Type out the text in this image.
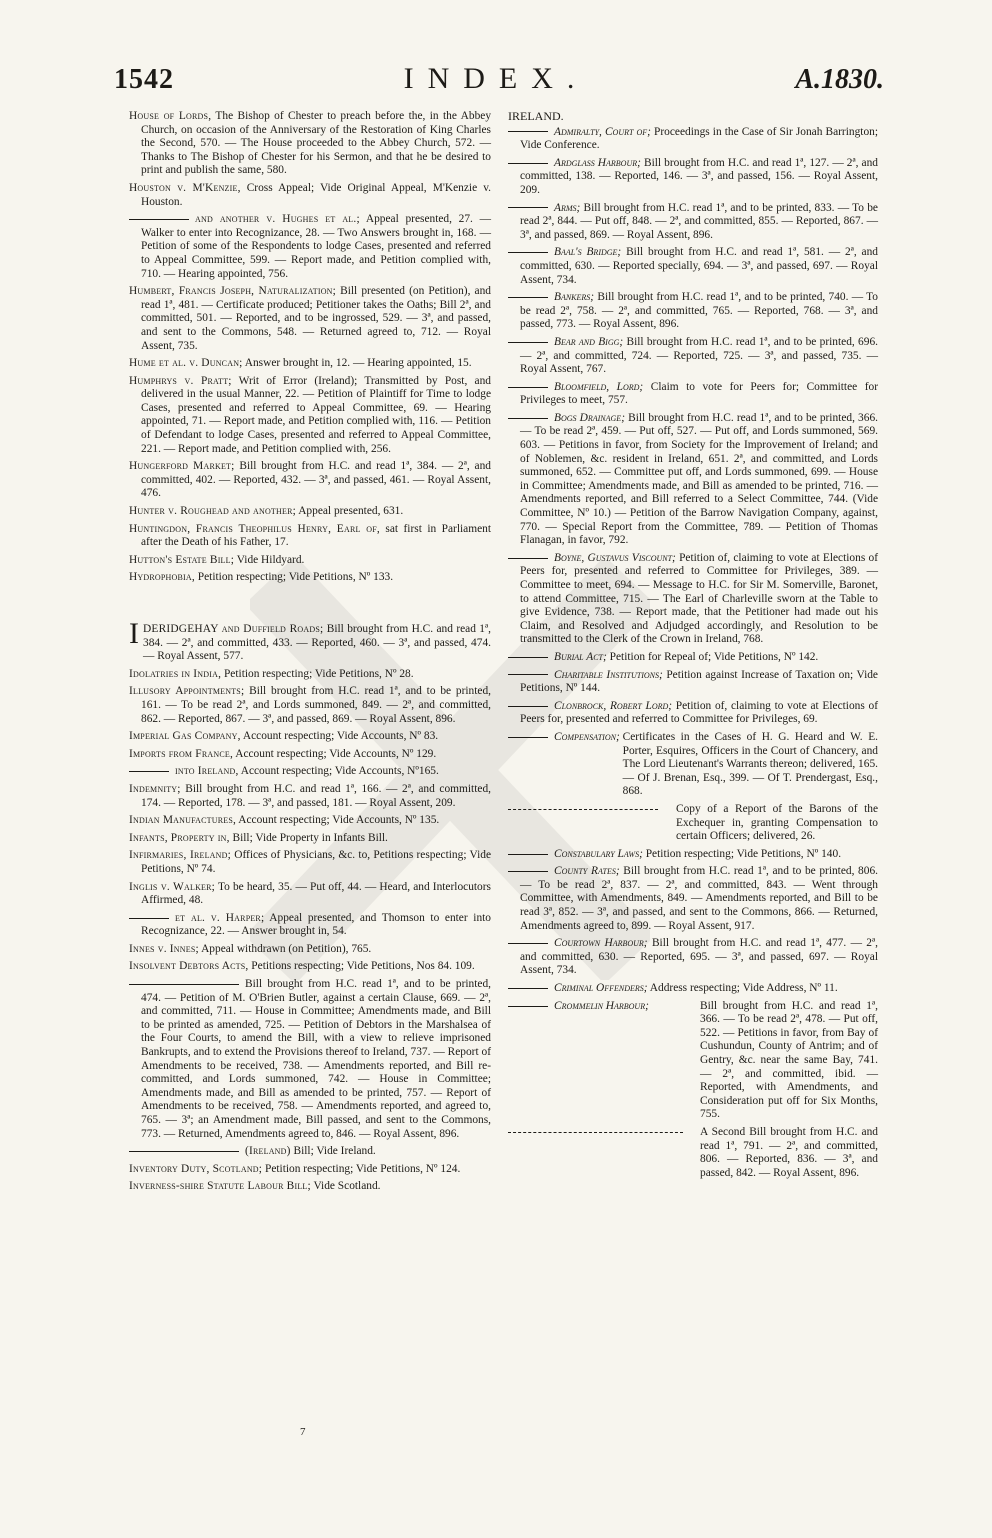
1542	INDEX.	A.1830.

House of Lords, The Bishop of Chester to preach before the, in the Abbey Church, on occasion of the Anniversary of the Restoration of King Charles the Second, 570. — The House proceeded to the Abbey Church, 572. — Thanks to The Bishop of Chester for his Sermon, and that he be desired to print and publish the same, 580.

Houston v. M'Kenzie, Cross Appeal; Vide Original Appeal, M'Kenzie v. Houston.

and another v. Hughes et al.; Appeal presented, 27. — Walker to enter into Recognizance, 28. — Two Answers brought in, 168. — Petition of some of the Respondents to lodge Cases, presented and referred to Appeal Committee, 599. — Report made, and Petition complied with, 710. — Hearing appointed, 756.

Humbert, Francis Joseph, Naturalization; Bill presented (on Petition), and read 1ª, 481. — Certificate produced; Petitioner takes the Oaths; Bill 2ª, and committed, 501. — Reported, and to be ingrossed, 529. — 3ª, and passed, and sent to the Commons, 548. — Returned agreed to, 712. — Royal Assent, 735.

Hume et al. v. Duncan; Answer brought in, 12. — Hearing appointed, 15.

Humphrys v. Pratt; Writ of Error (Ireland); Transmitted by Post, and delivered in the usual Manner, 22. — Petition of Plaintiff for Time to lodge Cases, presented and referred to Appeal Committee, 69. — Hearing appointed, 71. — Report made, and Petition complied with, 116. — Petition of Defendant to lodge Cases, presented and referred to Appeal Committee, 221. — Report made, and Petition complied with, 256.

Hungerford Market; Bill brought from H.C. and read 1ª, 384. — 2ª, and committed, 402. — Reported, 432. — 3ª, and passed, 461. — Royal Assent, 476.

Hunter v. Roughead and another; Appeal presented, 631.

Huntingdon, Francis Theophilus Henry, Earl of, sat first in Parliament after the Death of his Father, 17.

Hutton's Estate Bill; Vide Hildyard.

Hydrophobia, Petition respecting; Vide Petitions, Nº 133.

I DERIDGEHAY and Duffield Roads; Bill brought from H.C. and read 1ª, 384. — 2ª, and committed, 433. — Reported, 460. — 3ª, and passed, 474. — Royal Assent, 577.

Idolatries in India, Petition respecting; Vide Petitions, Nº 28.

Illusory Appointments; Bill brought from H.C. read 1ª, and to be printed, 161. — To be read 2ª, and Lords summoned, 849. — 2ª, and committed, 862. — Reported, 867. — 3ª, and passed, 869. — Royal Assent, 896.

Imperial Gas Company, Account respecting; Vide Accounts, Nº 83.

Imports from France, Account respecting; Vide Accounts, Nº 129.

into Ireland, Account respecting; Vide Accounts, Nº165.

Indemnity; Bill brought from H.C. and read 1ª, 166. — 2ª, and committed, 174. — Reported, 178. — 3ª, and passed, 181. — Royal Assent, 209.

Indian Manufactures, Account respecting; Vide Accounts, Nº 135.

Infants, Property in, Bill; Vide Property in Infants Bill.

Infirmaries, Ireland; Offices of Physicians, &c. to, Petitions respecting; Vide Petitions, Nº 74.

Inglis v. Walker; To be heard, 35. — Put off, 44. — Heard, and Interlocutors Affirmed, 48.

et al. v. Harper; Appeal presented, and Thomson to enter into Recognizance, 22. — Answer brought in, 54.

Innes v. Innes; Appeal withdrawn (on Petition), 765.

Insolvent Debtors Acts, Petitions respecting; Vide Petitions, Nos 84. 109.

Bill brought from H.C. read 1ª, and to be printed, 474. — Petition of M. O'Brien Butler, against a certain Clause, 669. — 2ª, and committed, 711. — House in Committee; Amendments made, and Bill to be printed as amended, 725. — Petition of Debtors in the Marshalsea of the Four Courts, to amend the Bill, with a view to relieve imprisoned Bankrupts, and to extend the Provisions thereof to Ireland, 737. — Report of Amendments to be received, 738. — Amendments reported, and Bill re-committed, and Lords summoned, 742. — House in Committee; Amendments made, and Bill as amended to be printed, 757. — Report of Amendments to be received, 758. — Amendments reported, and agreed to, 765. — 3ª; an Amendment made, Bill passed, and sent to the Commons, 773. — Returned, Amendments agreed to, 846. — Royal Assent, 896.

(Ireland) Bill; Vide Ireland.

Inventory Duty, Scotland; Petition respecting; Vide Petitions, Nº 124.

Inverness-shire Statute Labour Bill; Vide Scotland.

IRELAND.

Admiralty, Court of; Proceedings in the Case of Sir Jonah Barrington; Vide Conference.

Ardglass Harbour; Bill brought from H.C. and read 1ª, 127. — 2ª, and committed, 138. — Reported, 146. — 3ª, and passed, 156. — Royal Assent, 209.

Arms; Bill brought from H.C. read 1ª, and to be printed, 833. — To be read 2ª, 844. — Put off, 848. — 2ª, and committed, 855. — Reported, 867. — 3ª, and passed, 869. — Royal Assent, 896.

Baal's Bridge; Bill brought from H.C. and read 1ª, 581. — 2ª, and committed, 630. — Reported specially, 694. — 3ª, and passed, 697. — Royal Assent, 734.

Bankers; Bill brought from H.C. read 1ª, and to be printed, 740. — To be read 2ª, 758. — 2ª, and committed, 765. — Reported, 768. — 3ª, and passed, 773. — Royal Assent, 896.

Bear and Bigg; Bill brought from H.C. read 1ª, and to be printed, 696. — 2ª, and committed, 724. — Reported, 725. — 3ª, and passed, 735. — Royal Assent, 767.

Bloomfield, Lord; Claim to vote for Peers for; Committee for Privileges to meet, 757.

Bogs Drainage; Bill brought from H.C. read 1ª, and to be printed, 366. — To be read 2ª, 459. — Put off, 527. — Put off, and Lords summoned, 569. 603. — Petitions in favor, from Society for the Improvement of Ireland; and of Noblemen, &c. resident in Ireland, 651. 2ª, and committed, and Lords summoned, 652. — Committee put off, and Lords summoned, 699. — House in Committee; Amendments made, and Bill as amended to be printed, 716. — Amendments reported, and Bill referred to a Select Committee, 744. (Vide Committee, Nº 10.) — Petition of the Barrow Navigation Company, against, 770. — Special Report from the Committee, 789. — Petition of Thomas Flanagan, in favor, 792.

Boyne, Gustavus Viscount; Petition of, claiming to vote at Elections of Peers for, presented and referred to Committee for Privileges, 389. — Committee to meet, 694. — Message to H.C. for Sir M. Somerville, Baronet, to attend Committee, 715. — The Earl of Charleville sworn at the Table to give Evidence, 738. — Report made, that the Petitioner had made out his Claim, and Resolved and Adjudged accordingly, and Resolution to be transmitted to the Clerk of the Crown in Ireland, 768.

Burial Act; Petition for Repeal of; Vide Petitions, Nº 142.

Charitable Institutions; Petition against Increase of Taxation on; Vide Petitions, Nº 144.

Clonbrock, Robert Lord; Petition of, claiming to vote at Elections of Peers for, presented and referred to Committee for Privileges, 69.

Compensation; Certificates in the Cases of H. G. Heard and W. E. Porter, Esquires, Officers in the Court of Chancery, and The Lord Lieutenant's Warrants thereon; delivered, 165. — Of J. Brenan, Esq., 399. — Of T. Prendergast, Esq., 868.
Copy of a Report of the Barons of the Exchequer in, granting Compensation to certain Officers; delivered, 26.

Constabulary Laws; Petition respecting; Vide Petitions, Nº 140.

County Rates; Bill brought from H.C. read 1ª, and to be printed, 806. — To be read 2ª, 837. — 2ª, and committed, 843. — Went through Committee, with Amendments, 849. — Amendments reported, and Bill to be read 3ª, 852. — 3ª, and passed, and sent to the Commons, 866. — Returned, Amendments agreed to, 899. — Royal Assent, 917.

Courtown Harbour; Bill brought from H.C. and read 1ª, 477. — 2ª, and committed, 630. — Reported, 695. — 3ª, and passed, 697. — Royal Assent, 734.

Criminal Offenders; Address respecting; Vide Address, Nº 11.

Crommelin Harbour;	Bill brought from H.C. and read 1ª, 366. — To be read 2ª, 478. — Put off, 522. — Petitions in favor, from Bay of Cushundun, County of Antrim; and of Gentry, &c. near the same Bay, 741. — 2ª, and committed, ibid. — Reported, with Amendments, and Consideration put off for Six Months, 755.
A Second Bill brought from H.C. and read 1ª, 791. — 2ª, and committed, 806. — Reported, 836. — 3ª, and passed, 842. — Royal Assent, 896.
7
